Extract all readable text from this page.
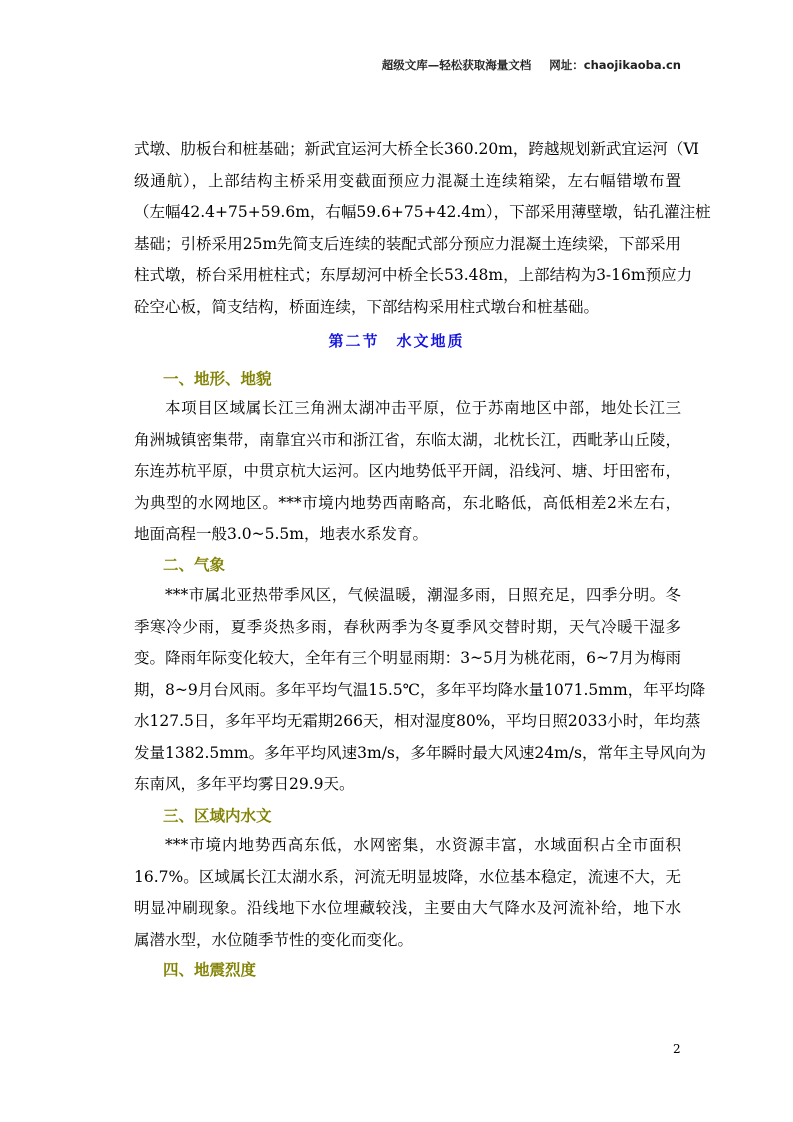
超级文库—轻松获取海量文档 网址：chaojikaoba.cn
式墩、肋板台和桩基础；新武宜运河大桥全长360.20m，跨越规划新武宜运河（Ⅵ
级通航），上部结构主桥采用变截面预应力混凝土连续箱梁，左右幅错墩布置
（左幅42.4+75+59.6m，右幅59.6+75+42.4m），下部采用薄壁墩，钻孔灌注桩
基础；引桥采用25m先简支后连续的装配式部分预应力混凝土连续梁，下部采用
柱式墩，桥台采用桩柱式；东厚刼河中桥全长53.48m，上部结构为3-16m预应力
砼空心板，简支结构，桥面连续，下部结构采用柱式墩台和桩基础。
第二节　水文地质
一、地形、地貌
本项目区域属长江三角洲太湖冲击平原，位于苏南地区中部，地处长江三
角洲城镇密集带，南靠宜兴市和浙江省，东临太湖，北枕长江，西毗茅山丘陵，
东连苏杭平原，中贯京杭大运河。区内地势低平开阔，沿线河、塘、圩田密布，
为典型的水网地区。***市境内地势西南略高，东北略低，高低相差2米左右，
地面高程一般3.0~5.5m，地表水系发育。
二、气象
***市属北亚热带季风区，气候温暖，潮湿多雨，日照充足，四季分明。冬
季寒冷少雨，夏季炎热多雨，春秋两季为冬夏季风交替时期，天气冷暖干湿多
变。降雨年际变化较大，全年有三个明显雨期：3~5月为桃花雨，6~7月为梅雨
期，8~9月台风雨。多年平均气温15.5℃，多年平均降水量1071.5mm，年平均降
水127.5日，多年平均无霜期266天，相对湿度80%，平均日照2033小时，年均蒸
发量1382.5mm。多年平均风速3m/s，多年瞬时最大风速24m/s，常年主导风向为
东南风，多年平均雾日29.9天。
三、区域内水文
***市境内地势西高东低，水网密集，水资源丰富，水域面积占全市面积
16.7%。区域属长江太湖水系，河流无明显坡降，水位基本稳定，流速不大，无
明显冲刷现象。沿线地下水位埋藏较浅，主要由大气降水及河流补给，地下水
属潜水型，水位随季节性的变化而变化。
四、地震烈度
2
